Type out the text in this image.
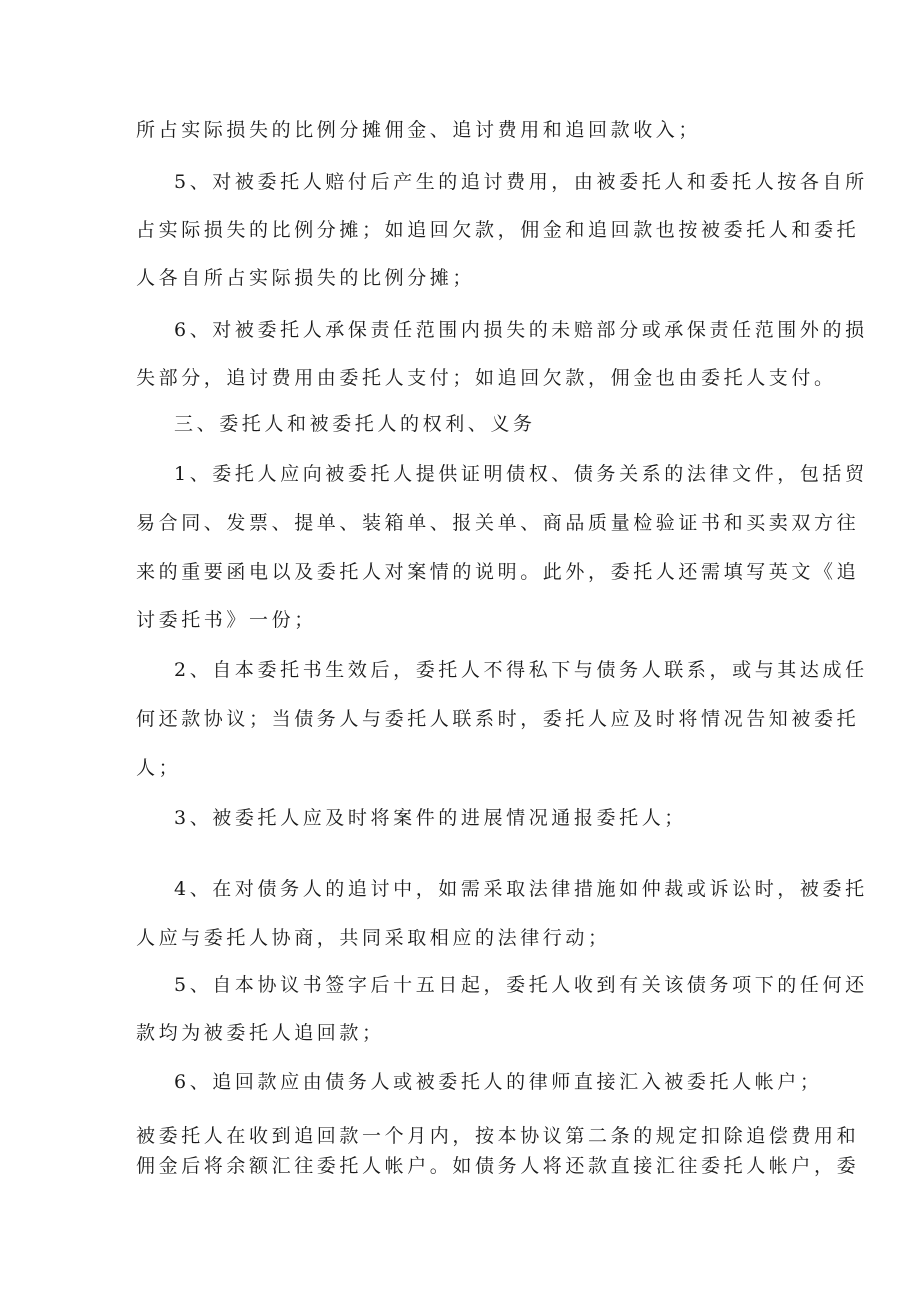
所占实际损失的比例分摊佣金、追讨费用和追回款收入；

5、对被委托人赔付后产生的追讨费用，由被委托人和委托人按各自所

占实际损失的比例分摊；如追回欠款，佣金和追回款也按被委托人和委托

人各自所占实际损失的比例分摊；

6、对被委托人承保责任范围内损失的未赔部分或承保责任范围外的损

失部分，追讨费用由委托人支付；如追回欠款，佣金也由委托人支付。

三、委托人和被委托人的权利、义务

1、委托人应向被委托人提供证明债权、债务关系的法律文件，包括贸

易合同、发票、提单、装箱单、报关单、商品质量检验证书和买卖双方往

来的重要函电以及委托人对案情的说明。此外，委托人还需填写英文《追

讨委托书》一份；

2、自本委托书生效后，委托人不得私下与债务人联系，或与其达成任

何还款协议；当债务人与委托人联系时，委托人应及时将情况告知被委托

人；

3、被委托人应及时将案件的进展情况通报委托人；

4、在对债务人的追讨中，如需采取法律措施如仲裁或诉讼时，被委托

人应与委托人协商，共同采取相应的法律行动；

5、自本协议书签字后十五日起，委托人收到有关该债务项下的任何还

款均为被委托人追回款；

6、追回款应由债务人或被委托人的律师直接汇入被委托人帐户；

被委托人在收到追回款一个月内，按本协议第二条的规定扣除追偿费用和

佣金后将余额汇往委托人帐户。如债务人将还款直接汇往委托人帐户，委
